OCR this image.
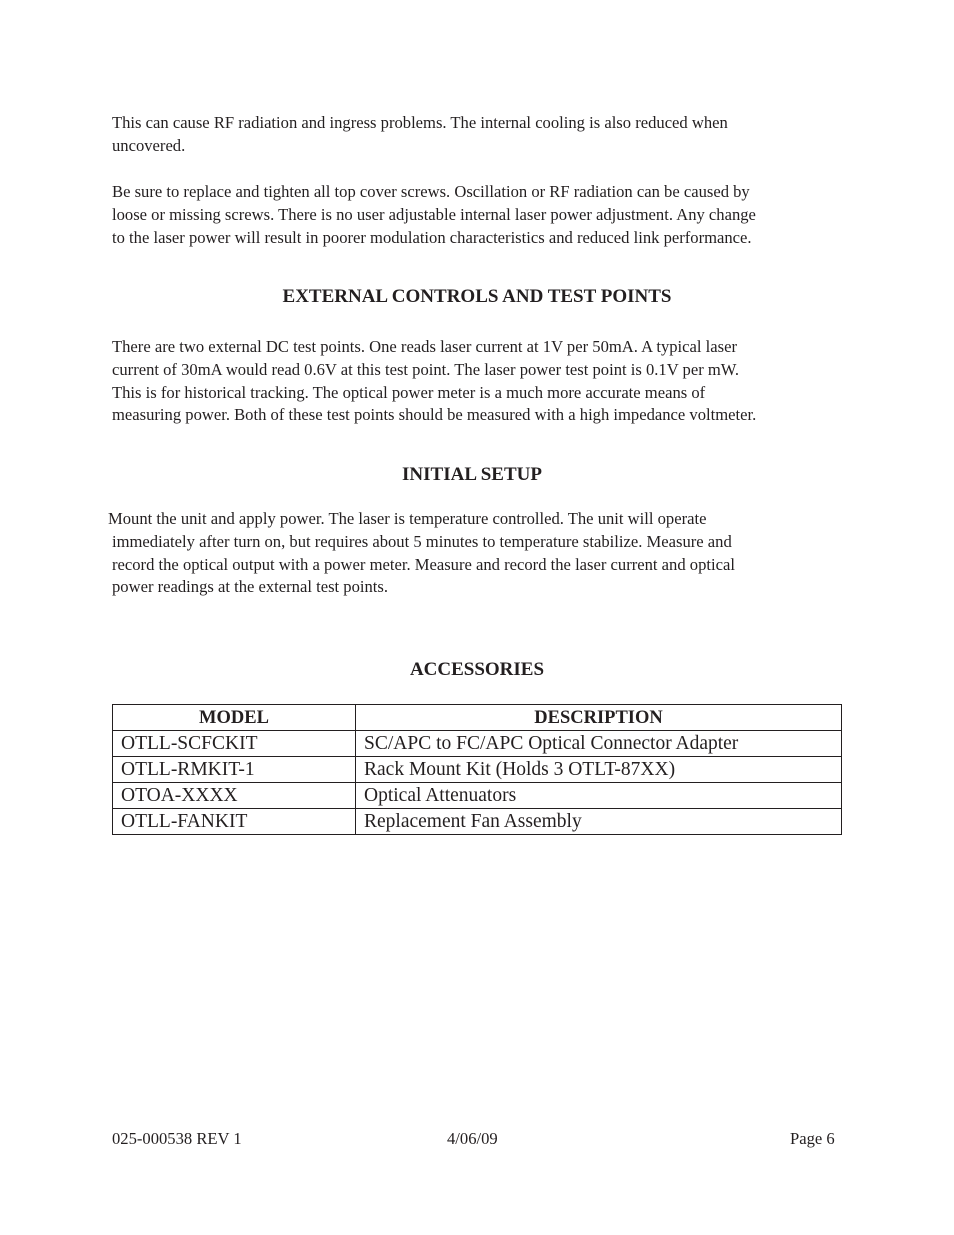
This can cause RF radiation and ingress problems. The internal cooling is also reduced when
uncovered.
Be sure to replace and tighten all top cover screws. Oscillation or RF radiation can be caused by
loose or missing screws. There is no user adjustable internal laser power adjustment. Any change
to the laser power will result in poorer modulation characteristics and reduced link performance.
EXTERNAL CONTROLS AND TEST POINTS
There are two external DC test points. One reads laser current at 1V per 50mA. A typical laser
current of 30mA would read 0.6V at this test point. The laser power test point is 0.1V per mW.
This is for historical tracking. The optical power meter is a much more accurate means of
measuring power. Both of these test points should be measured with a high impedance voltmeter.
INITIAL SETUP
Mount the unit and apply power. The laser is temperature controlled. The unit will operate
immediately after turn on, but requires about 5 minutes to temperature stabilize. Measure and
record the optical output with a power meter. Measure and record the laser current and optical
power readings at the external test points.
ACCESSORIES
MODEL	DESCRIPTION
OTLL-SCFCKIT	SC/APC to FC/APC Optical Connector Adapter
OTLL-RMKIT-1	Rack Mount Kit (Holds 3 OTLT-87XX)
OTOA-XXXX	Optical Attenuators
OTLL-FANKIT	Replacement Fan Assembly

025-000538 REV 1	4/06/09	Page 6
